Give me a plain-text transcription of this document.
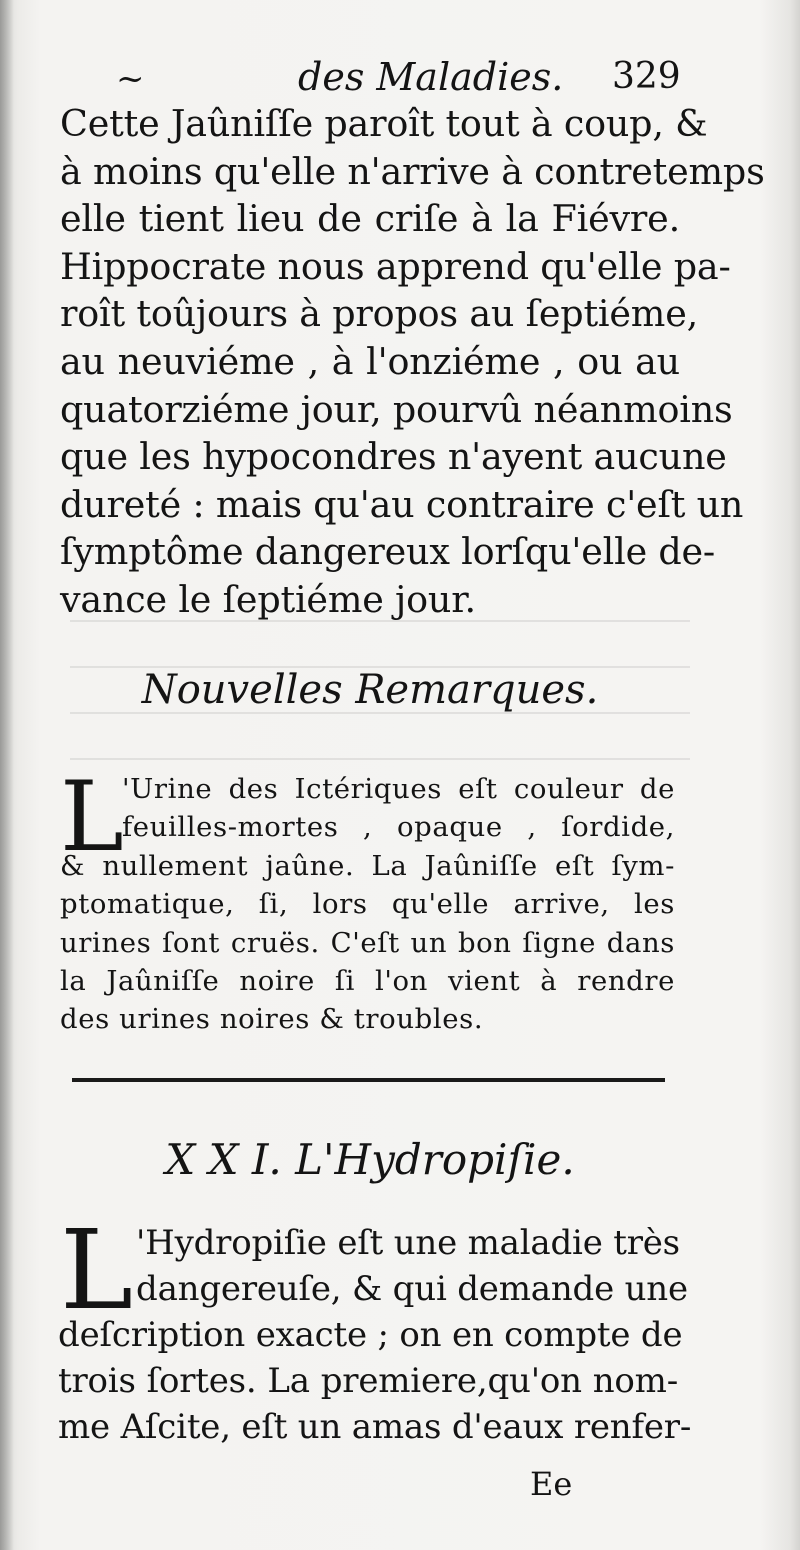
~	des Maladies. 329
Cette Jaûniſſe paroît tout à coup, &
à moins qu'elle n'arrive à contretemps
elle tient lieu de criſe à la Fiévre.
Hippocrate nous apprend qu'elle pa-
roît toûjours à propos au ſeptiéme,
au neuviéme , à l'onziéme , ou au
quatorziéme jour, pourvû néanmoins
que les hypocondres n'ayent aucune
dureté : mais qu'au contraire c'eſt un
ſymptôme dangereux lorſqu'elle de-
vance le ſeptiéme jour.
Nouvelles Remarques.
L
'Urine des Ictériques eſt couleur de
feuilles-mortes , opaque , ſordide,
& nullement jaûne. La Jaûniſſe eſt ſym-
ptomatique, ſi, lors qu'elle arrive, les
urines ſont cruës. C'eſt un bon ſigne dans
la Jaûniſſe noire ſi l'on vient à rendre
des urines noires & troubles.
X X I. L'Hydropiſie.
L 'Hydropiſie eſt une maladie très
dangereuſe, & qui demande une
deſcription exacte ; on en compte de
trois ſortes. La premiere,qu'on nom-
me Aſcite, eſt un amas d'eaux renfer-
Ee
